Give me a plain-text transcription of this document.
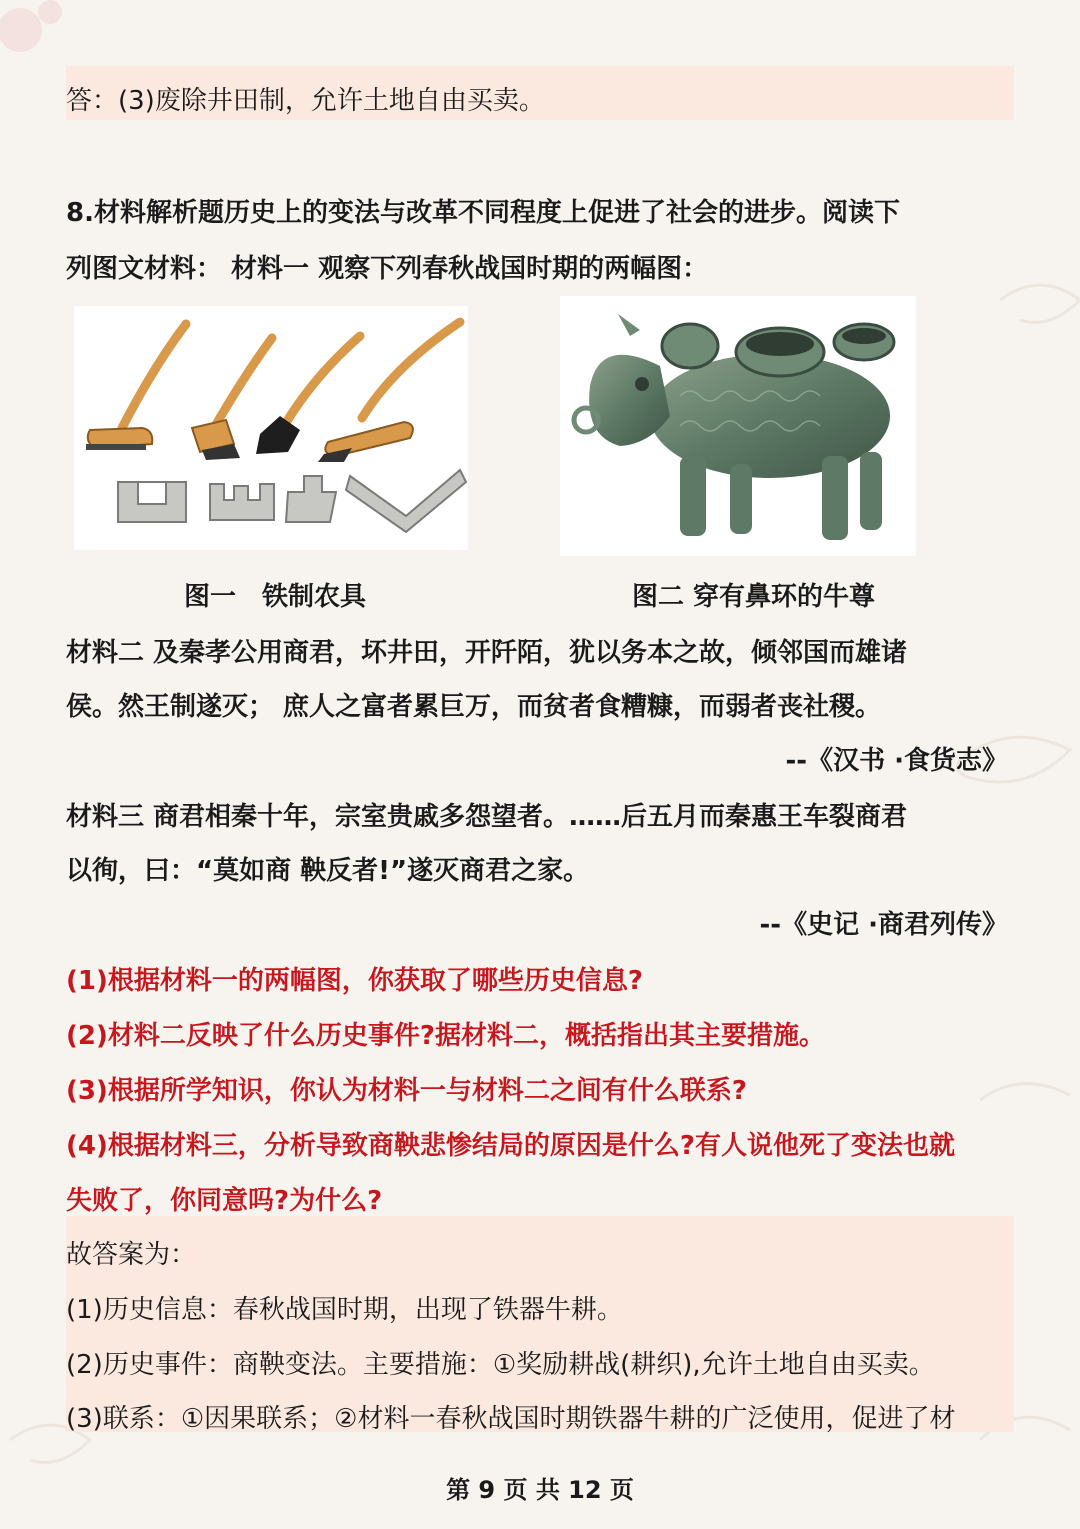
答：(3)废除井田制，允许土地自由买卖。
8.材料解析题历史上的变法与改革不同程度上促进了社会的进步。阅读下
列图文材料： 材料一 观察下列春秋战国时期的两幅图：
图一　铁制农具	图二 穿有鼻环的牛尊
材料二 及秦孝公用商君，坏井田，开阡陌，犹以务本之故，倾邻国而雄诸
侯。然王制遂灭； 庶人之富者累巨万，而贫者食糟糠，而弱者丧社稷。
--《汉书 ·食货志》
材料三 商君相秦十年，宗室贵戚多怨望者。……后五月而秦惠王车裂商君
以徇，曰：“莫如商 鞅反者!”遂灭商君之家。
--《史记 ·商君列传》
(1)根据材料一的两幅图，你获取了哪些历史信息?
(2)材料二反映了什么历史事件?据材料二，概括指出其主要措施。
(3)根据所学知识，你认为材料一与材料二之间有什么联系?
(4)根据材料三，分析导致商鞅悲惨结局的原因是什么?有人说他死了变法也就
失败了，你同意吗?为什么?
故答案为：
(1)历史信息：春秋战国时期，出现了铁器牛耕。
(2)历史事件：商鞅变法。主要措施：①奖励耕战(耕织),允许土地自由买卖。
(3)联系：①因果联系；②材料一春秋战国时期铁器牛耕的广泛使用，促进了材
第 9 页 共 12 页
